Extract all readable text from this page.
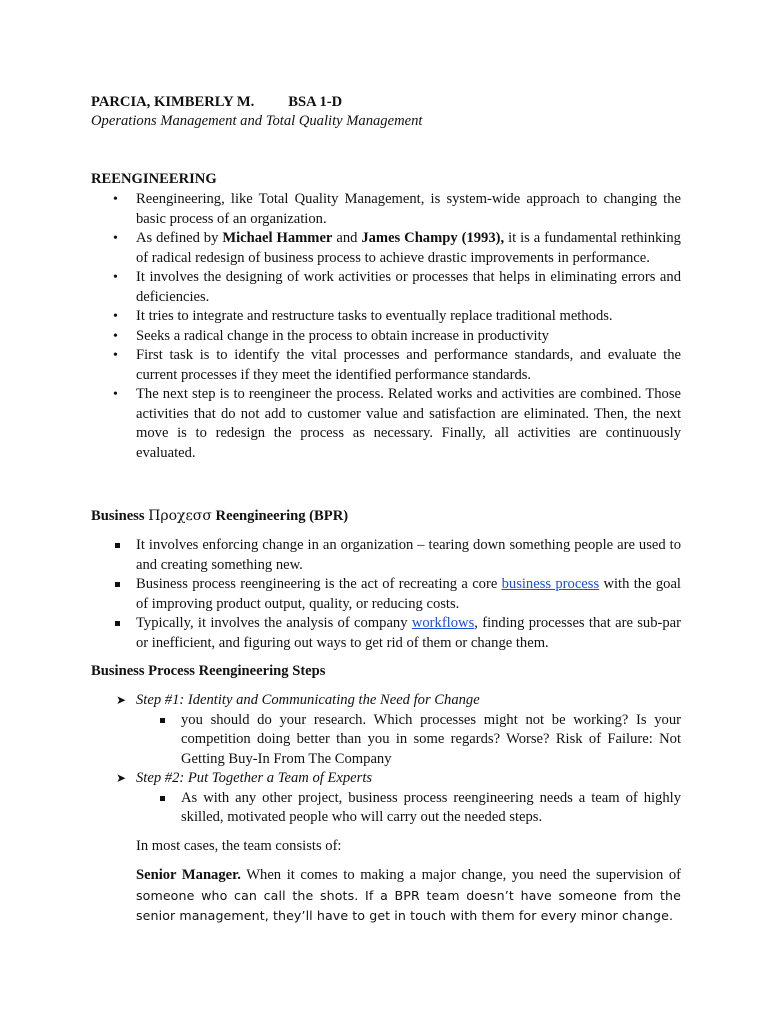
PARCIA, KIMBERLY M. BSA 1-D
Operations Management and Total Quality Management
REENGINEERING
• Reengineering, like Total Quality Management, is system-wide approach to changing the basic process of an organization.
• As defined by Michael Hammer and James Champy (1993), it is a fundamental rethinking of radical redesign of business process to achieve drastic improvements in performance.
• It involves the designing of work activities or processes that helps in eliminating errors and deficiencies.
• It tries to integrate and restructure tasks to eventually replace traditional methods.
• Seeks a radical change in the process to obtain increase in productivity
• First task is to identify the vital processes and performance standards, and evaluate the current processes if they meet the identified performance standards.
• The next step is to reengineer the process. Related works and activities are combined. Those activities that do not add to customer value and satisfaction are eliminated. Then, the next move is to redesign the process as necessary. Finally, all activities are continuously evaluated.
Business Προχεσσ Reengineering (BPR)
It involves enforcing change in an organization – tearing down something people are used to and creating something new.
Business process reengineering is the act of recreating a core business process with the goal of improving product output, quality, or reducing costs.
Typically, it involves the analysis of company workflows, finding processes that are sub-par or inefficient, and figuring out ways to get rid of them or change them.
Business Process Reengineering Steps
➤ Step #1: Identity and Communicating the Need for Change
you should do your research. Which processes might not be working? Is your competition doing better than you in some regards? Worse? Risk of Failure: Not Getting Buy-In From The Company
➤ Step #2: Put Together a Team of Experts
As with any other project, business process reengineering needs a team of highly skilled, motivated people who will carry out the needed steps.
In most cases, the team consists of:
Senior Manager. When it comes to making a major change, you need the supervision of someone who can call the shots. If a BPR team doesn’t have someone from the senior management, they’ll have to get in touch with them for every minor change.
